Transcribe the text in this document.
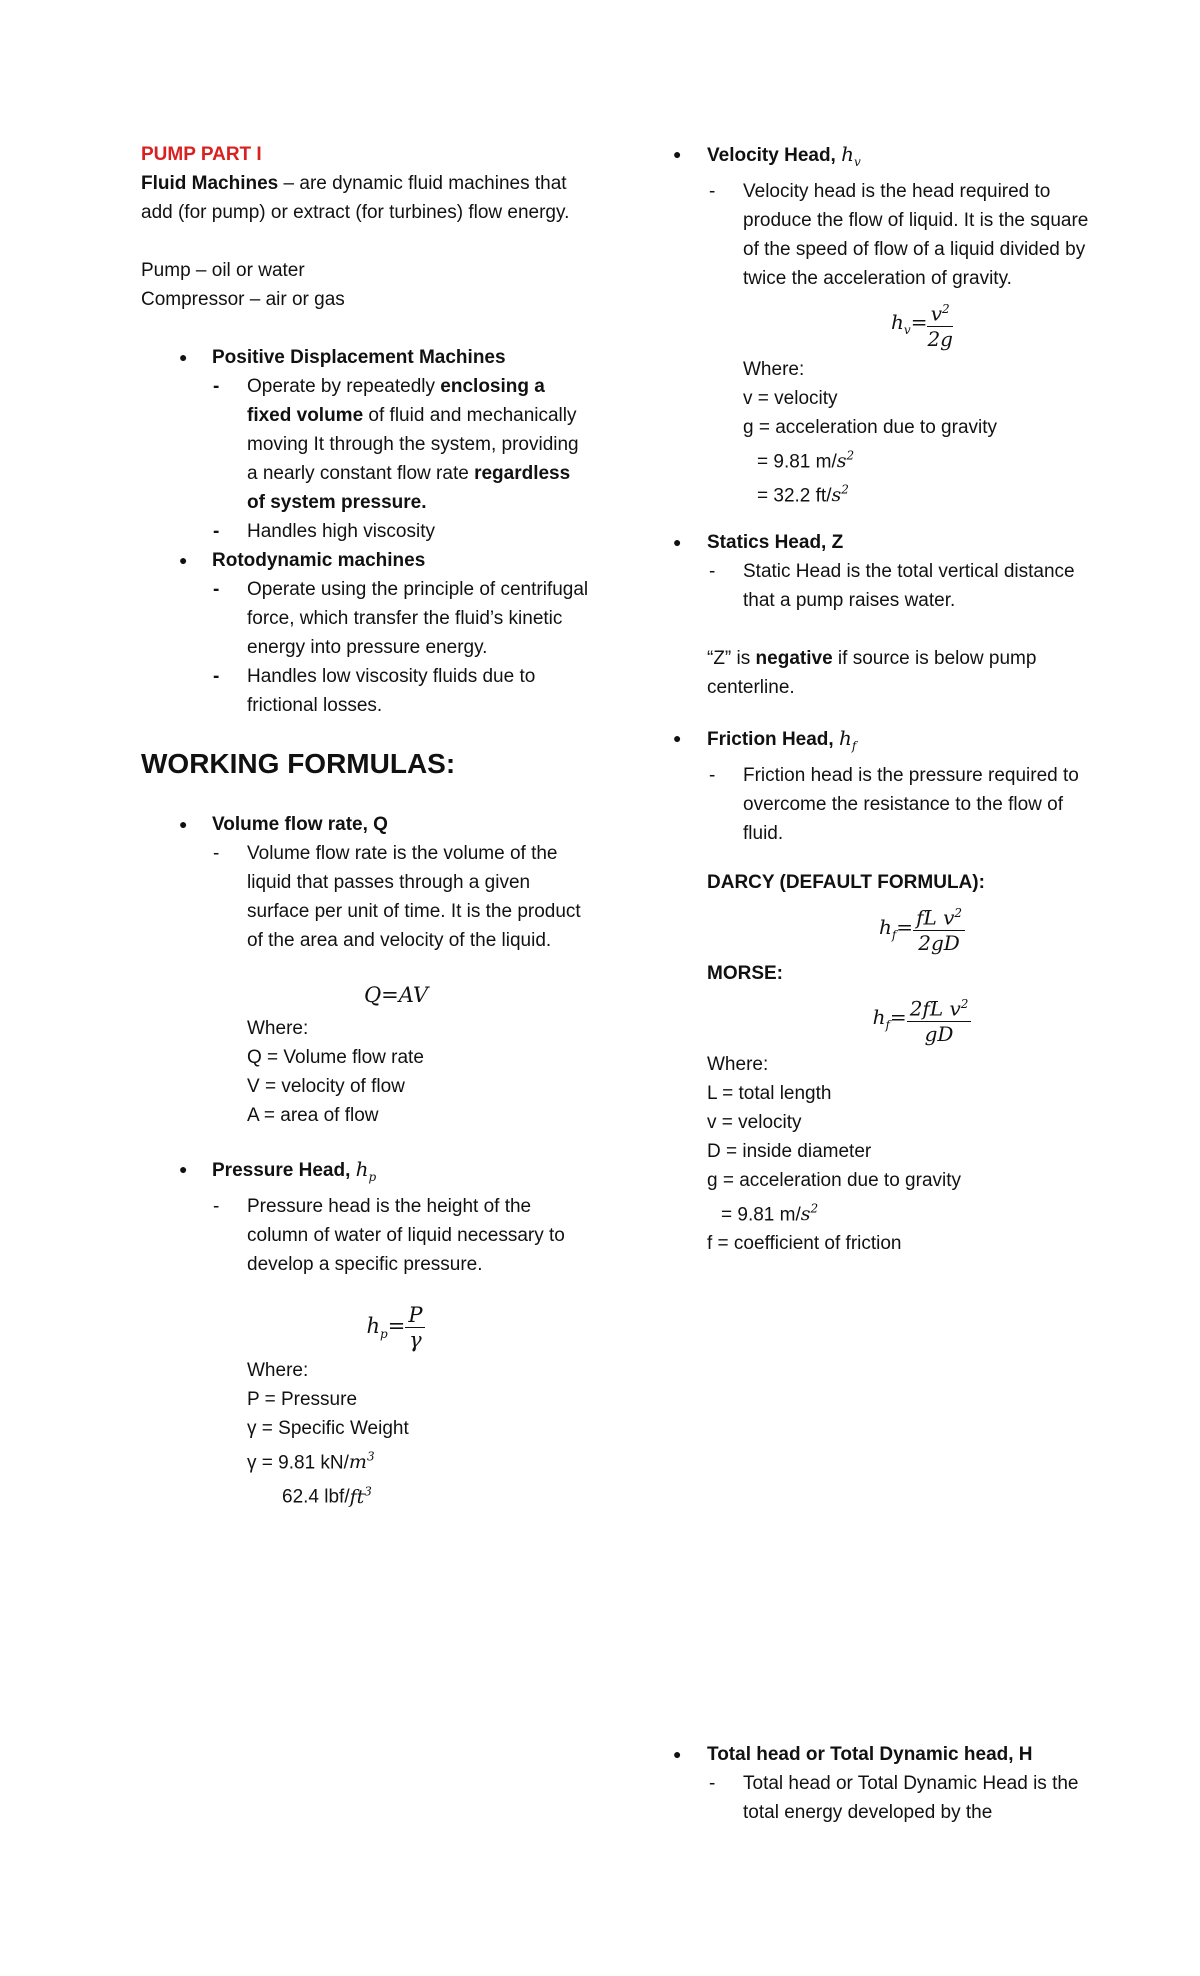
PUMP PART I

Fluid Machines – are dynamic fluid machines that add (for pump) or extract (for turbines) flow energy.

Pump – oil or water

Compressor – air or gas

● Positive Displacement Machines

- Operate by repeatedly enclosing a fixed volume of fluid and mechanically moving It through the system, providing a nearly constant flow rate regardless of system pressure.

- Handles high viscosity

● Rotodynamic machines

- Operate using the principle of centrifugal force, which transfer the fluid’s kinetic energy into pressure energy.

- Handles low viscosity fluids due to frictional losses.

WORKING FORMULAS:

● Volume flow rate, Q

- Volume flow rate is the volume of the liquid that passes through a given surface per unit of time. It is the product of the area and velocity of the liquid.

Q=AV

Where:

Q = Volume flow rate

V = velocity of flow

A = area of flow

● Pressure Head, $h_p$

- Pressure head is the height of the column of water of liquid necessary to develop a specific pressure.

$h_p= \frac{P}{\gamma}$

Where:

P = Pressure

γ = Specific Weight

γ = 9.81 $kN/m^3$

62.4 lbf/$ft^3$

● Velocity Head, $h_v$

- Velocity head is the head required to produce the flow of liquid. It is the square of the speed of flow of a liquid divided by twice the acceleration of gravity.

$h_v= \frac{v^2}{2g}$

Where:

v = velocity

g = acceleration due to gravity

= 9.81 $m/s^2$

= 32.2 $ft/s^2$

● Statics Head, Z

- Static Head is the total vertical distance that a pump raises water.

“Z” is negative if source is below pump centerline.

● Friction Head, $h_f$

- Friction head is the pressure required to overcome the resistance to the flow of fluid.

DARCY (DEFAULT FORMULA):

$h_f= \frac{fL v^2}{2gD}$

MORSE:

$h_f= \frac{2fL v^2}{gD}$

Where:

L = total length

v = velocity

D = inside diameter

g = acceleration due to gravity

= 9.81 $m/s^2$

f = coefficient of friction

● Total head or Total Dynamic head, H

- Total head or Total Dynamic Head is the total energy developed by the
